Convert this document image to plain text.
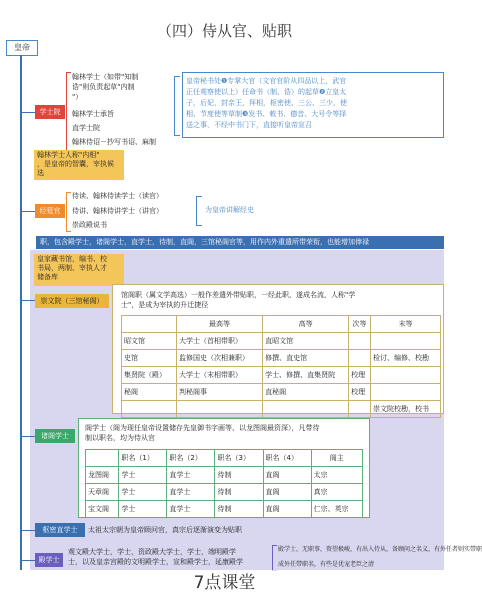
（四）侍从官、贴职
皇帝
学士院
翰林学士（如带"知制
诰"则负责起草"内制
"）
翰林学士承旨
直学士院
翰林侍诏－抄写书诏、麻制
皇帝秘书处❶专掌大官（文官官阶从四品以上，武官
正任观察使以上）任命书（制、诰）的起草❷立皇太
子，后妃，封亲王，拜相，枢密使、三公、三少，使
相、节度使等草制❸发书、敕书、德音、大号令等择
送之事，不经中书门下，直接听皇帝宣召
翰林学士人称"内相"
，是皇帝的智囊，宰执候
选
经筵官
侍读、翰林侍读学士（读官）
侍讲、翰林侍讲学士（讲官）
崇政殿说书
为皇帝讲解经史
职，包含殿学士，诸阁学士，直学士，待制，直阁，三馆秘阁官等，用作内外重遣所带荣衔，也能增加俸禄
皇家藏书馆，编书、校
书局，两制、宰执人才
储备库
崇文院（三馆秘阁）
馆阁职（属文学高选）一般作差遣外带贴职，一经此职，遂成名流，人称"学
士"，是成为宰执的升迁捷径
	最高等	高等	次等	末等
昭文馆	大学士（首相带职）	直昭文馆		
史馆	监修国史（次相兼职）	修撰、直史馆		检讨、编修、校勘
集贤院（殿）	大学士（末相带职）	学士、修撰、直集贤院	校理	
秘阁	判秘阁事	直秘阁	校理	
				崇文院校勘，校书
诸阁学士
阁学士（阁为现任皇帝设置储存先皇御书字画等、以龙图阁最资深），凡带待
制以职名，均为侍从官
	职名（1）	职名（2）	职名（3）	职名（4）	阁主
龙图阁	学士	直学士	待制	直阁	太宗
天章阁	学士	直学士	待制	直阁	真宗
宝文阁	学士	直学士	待制	直阁	仁宗、英宗
枢密直学士	太祖太宗朝为皇帝顾问官，真宗后逐渐演变为贴职
殿学士
观文殿大学士，学士，资政殿大学士，学士，端明殿学
士，以及皇亲宫殿的文明殿学士，宣和殿学士，延康殿学
殿学士，无职事，资望极峻，有出入侍从，备顾问之名义，有外任者则实带职
成外任带职名，有些是优宠老臣之清
7点课堂
